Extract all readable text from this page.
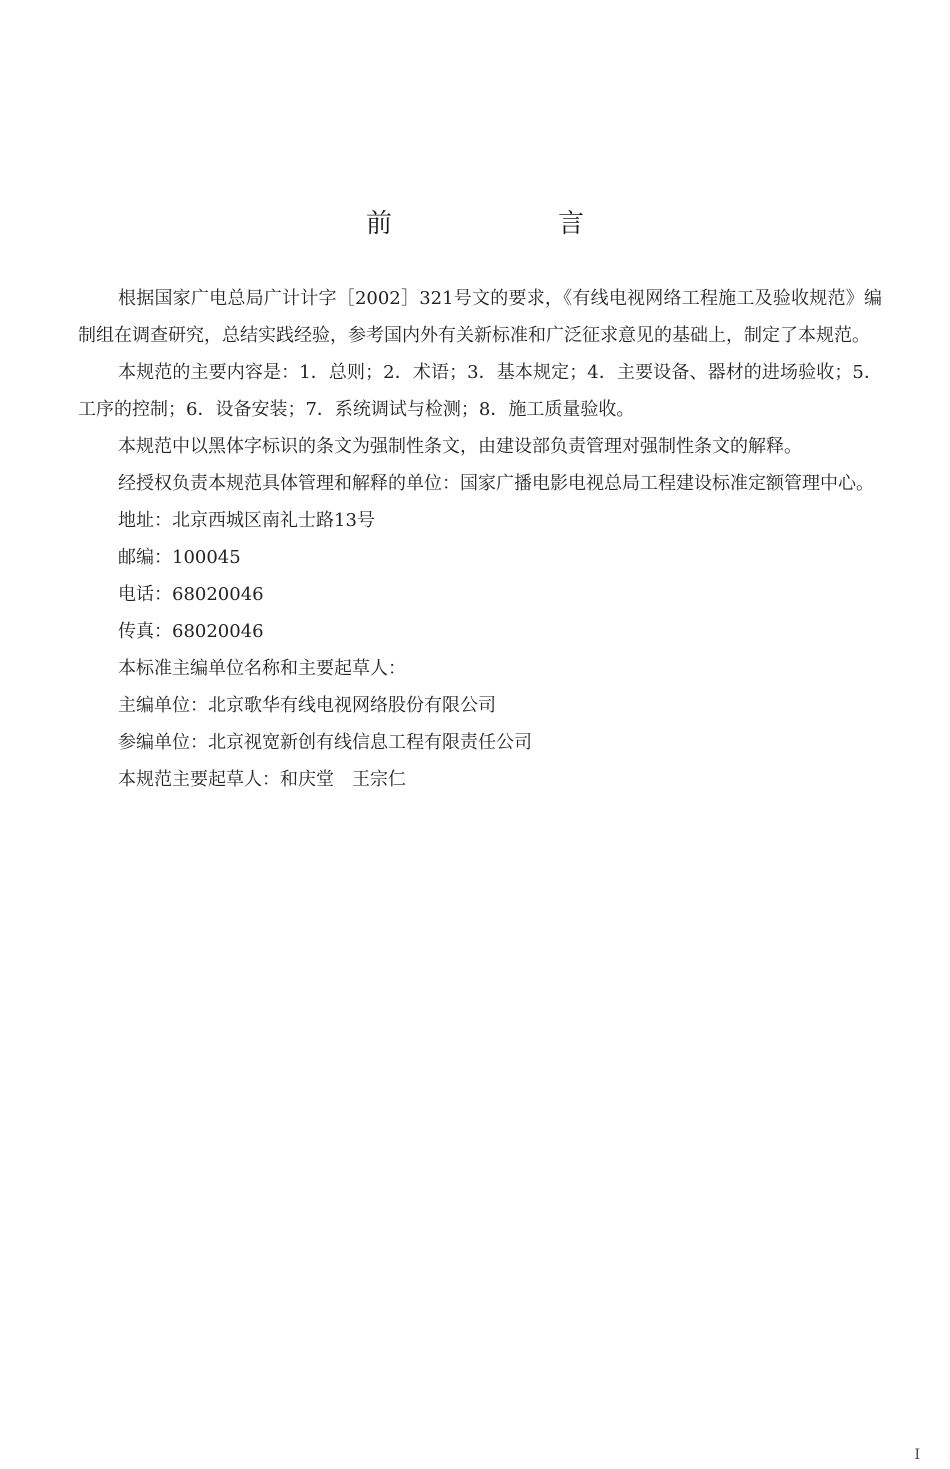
前　言

根据国家广电总局广计计字［2002］321号文的要求，《有线电视网络工程施工及验收规范》编制组在调查研究，总结实践经验，参考国内外有关新标准和广泛征求意见的基础上，制定了本规范。

本规范的主要内容是：1．总则；2．术语；3．基本规定；4．主要设备、器材的进场验收；5．工序的控制；6．设备安装；7．系统调试与检测；8．施工质量验收。

本规范中以黑体字标识的条文为强制性条文，由建设部负责管理对强制性条文的解释。

经授权负责本规范具体管理和解释的单位：国家广播电影电视总局工程建设标准定额管理中心。

地址：北京西城区南礼士路13号

邮编：100045

电话：68020046

传真：68020046

本标准主编单位名称和主要起草人：

主编单位：北京歌华有线电视网络股份有限公司

参编单位：北京视宽新创有线信息工程有限责任公司

本规范主要起草人：和庆堂　王宗仁

I
